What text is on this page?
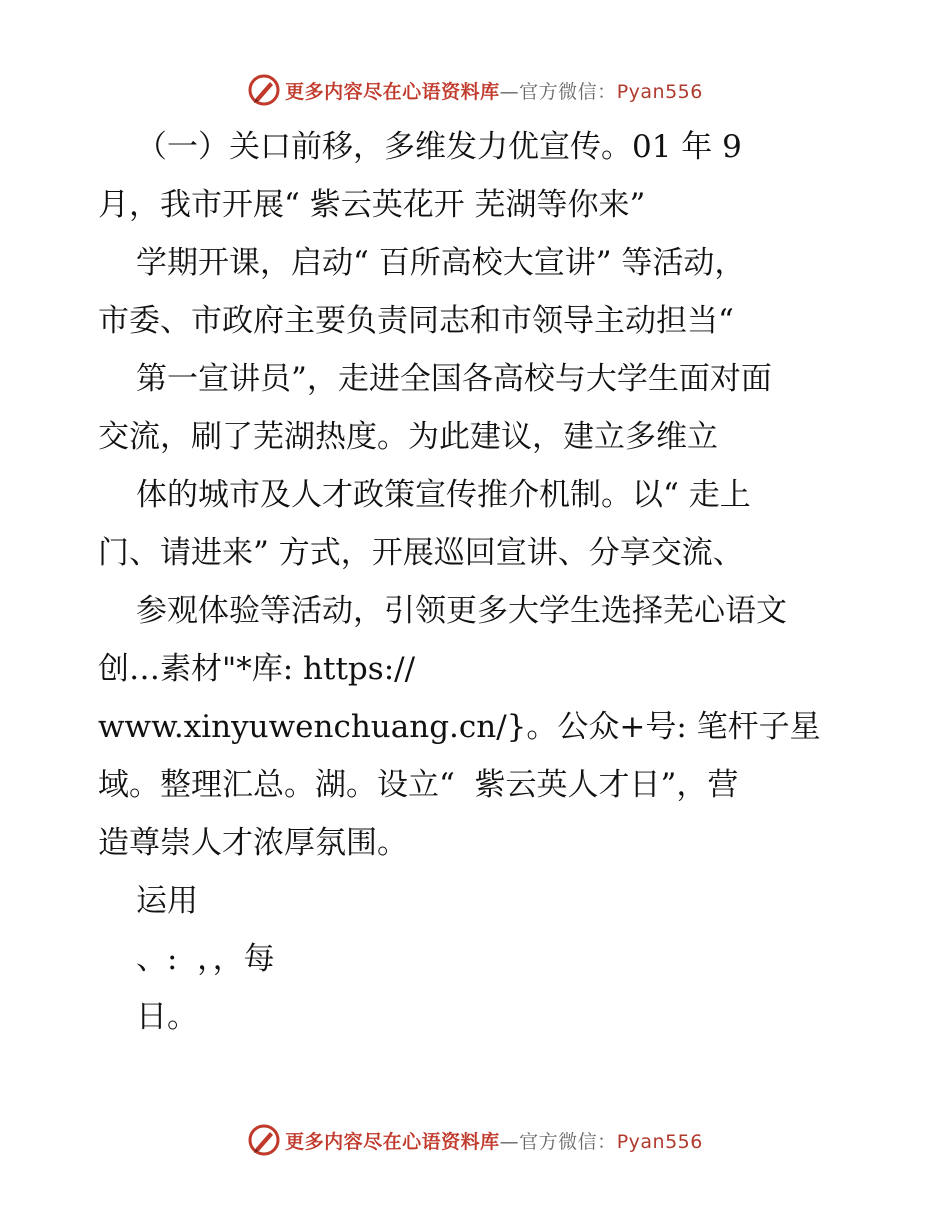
更多内容尽在心语资料库—官方微信：Pyan556
（一）关口前移，多维发力优宣传。01 年 9
月，我市开展“ 紫云英花开 芜湖等你来”
学期开课，启动“ 百所高校大宣讲” 等活动，
市委、市政府主要负责同志和市领导主动担当“
第一宣讲员”，走进全国各高校与大学生面对面
交流，刷了芜湖热度。为此建议，建立多维立
体的城市及人才政策宣传推介机制。以“ 走上
门、请进来” 方式，开展巡回宣讲、分享交流、
参观体验等活动，引领更多大学生选择芜心语文
创…素材"*库: https://
www.xinyuwenchuang.cn/}。公众+号: 笔杆子星
域。整理汇总。湖。设立“  紫云英人才日”，营
造尊崇人才浓厚氛围。
运用
、:  ，，每
日。
更多内容尽在心语资料库—官方微信：Pyan556
